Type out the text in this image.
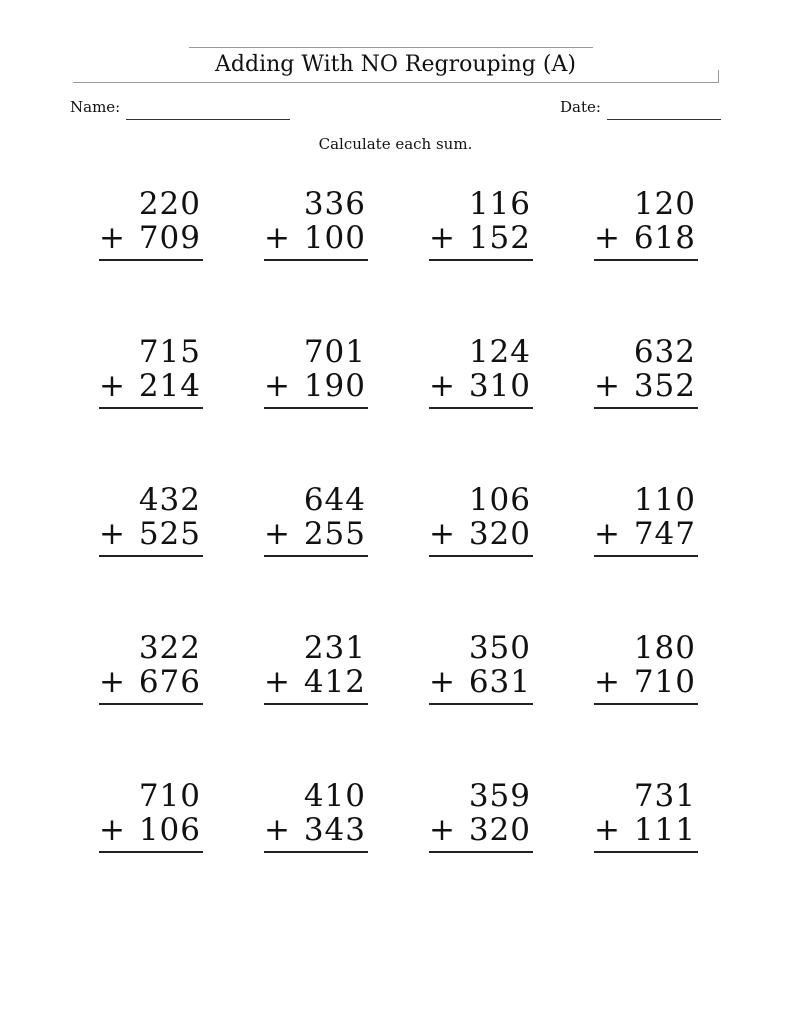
Adding With NO Regrouping (A)
Name:	Date:
Calculate each sum.
220
+ 709
336
+ 100
116
+ 152
120
+ 618
715
+ 214
701
+ 190
124
+ 310
632
+ 352
432
+ 525
644
+ 255
106
+ 320
110
+ 747
322
+ 676
231
+ 412
350
+ 631
180
+ 710
710
+ 106
410
+ 343
359
+ 320
731
+ 111
